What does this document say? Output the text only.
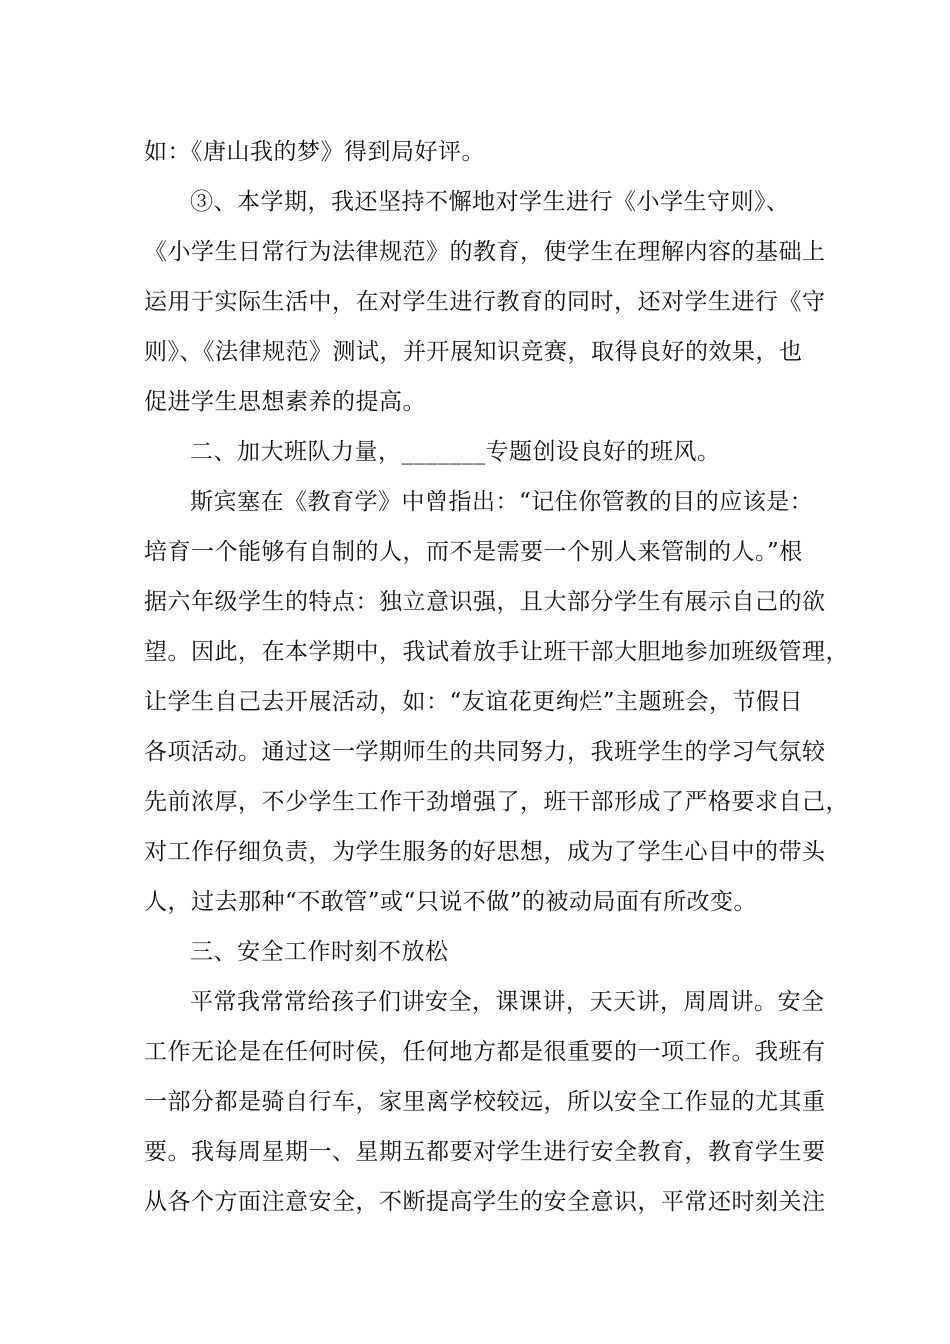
如：《唐山我的梦》得到局好评。
③、本学期，我还坚持不懈地对学生进行《小学生守则》、
《小学生日常行为法律规范》的教育，使学生在理解内容的基础上
运用于实际生活中，在对学生进行教育的同时，还对学生进行《守
则》、《法律规范》测试，并开展知识竞赛，取得良好的效果，也
促进学生思想素养的提高。
二、加大班队力量，_______专题创设良好的班风。
斯宾塞在《教育学》中曾指出：“记住你管教的目的应该是：
培育一个能够有自制的人，而不是需要一个别人来管制的人。”根
据六年级学生的特点：独立意识强，且大部分学生有展示自己的欲
望。因此，在本学期中，我试着放手让班干部大胆地参加班级管理，
让学生自己去开展活动，如：“友谊花更绚烂”主题班会，节假日
各项活动。通过这一学期师生的共同努力，我班学生的学习气氛较
先前浓厚，不少学生工作干劲增强了，班干部形成了严格要求自己，
对工作仔细负责，为学生服务的好思想，成为了学生心目中的带头
人，过去那种“不敢管”或“只说不做”的被动局面有所改变。
三、安全工作时刻不放松
平常我常常给孩子们讲安全，课课讲，天天讲，周周讲。安全
工作无论是在任何时侯，任何地方都是很重要的一项工作。我班有
一部分都是骑自行车，家里离学校较远，所以安全工作显的尤其重
要。我每周星期一、星期五都要对学生进行安全教育，教育学生要
从各个方面注意安全，不断提高学生的安全意识，平常还时刻关注
